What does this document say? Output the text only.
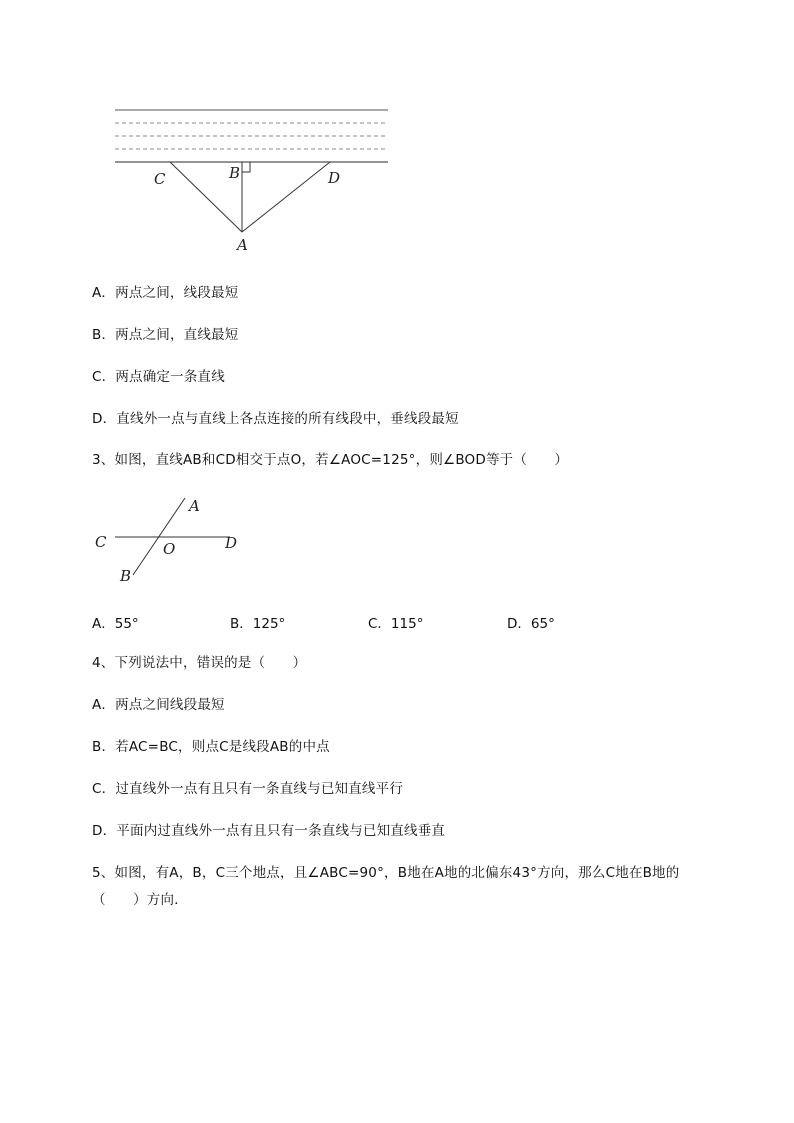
C	B	D
A
A．两点之间，线段最短
B．两点之间，直线最短
C．两点确定一条直线
D．直线外一点与直线上各点连接的所有线段中，垂线段最短
3、如图，直线AB和CD相交于点O，若∠AOC=125°，则∠BOD等于（　　）
A
C	O	D
B
A．55°	B．125°	C．115°	D．65°
4、下列说法中，错误的是（　　）
A．两点之间线段最短
B．若AC=BC，则点C是线段AB的中点
C．过直线外一点有且只有一条直线与已知直线平行
D．平面内过直线外一点有且只有一条直线与已知直线垂直
5、如图，有A，B，C三个地点，且∠ABC=90°，B地在A地的北偏东43°方向，那么C地在B地的
（　　）方向．
